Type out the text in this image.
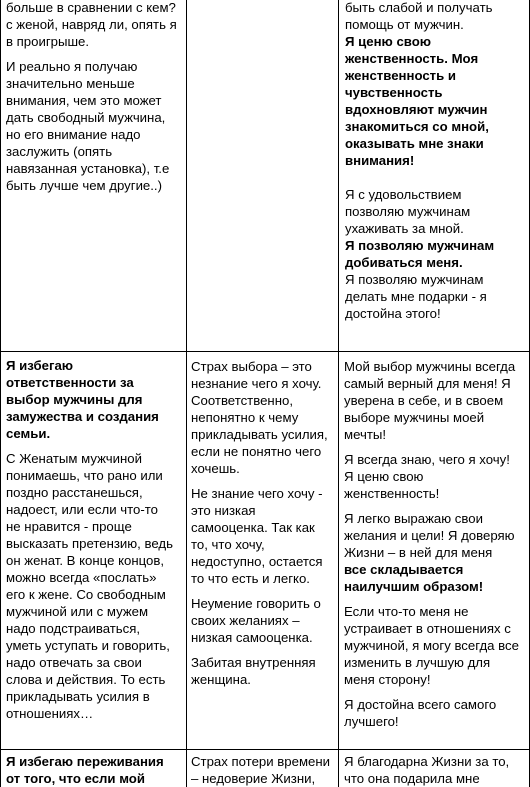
больше в сравнении с кем?
с женой, навряд ли, опять я
в проигрыше.

И реально я получаю
значительно меньше
внимания, чем это может
дать свободный мужчина,
но его внимание надо
заслужить (опять
навязанная установка), т.е
быть лучше чем другие..)

быть слабой и получать
помощь от мужчин.
Я ценю свою
женственность. Моя
женственность и
чувственность
вдохновляют мужчин
знакомиться со мной,
оказывать мне знаки
внимания!
Я с удовольствием
позволяю мужчинам
ухаживать за мной.
Я позволяю мужчинам
добиваться меня.
Я позволяю мужчинам
делать мне подарки - я
достойна этого!

Я избегаю
ответственности за
выбор мужчины для
замужества и создания
семьи.

С Женатым мужчиной
понимаешь, что рано или
поздно расстанешься,
надоест, или если что-то
не нравится - проще
высказать претензию, ведь
он женат. В конце концов,
можно всегда «послать»
его к жене. Со свободным
мужчиной или с мужем
надо подстраиваться,
уметь уступать и говорить,
надо отвечать за свои
слова и действия. То есть
прикладывать усилия в
отношениях…

Страх выбора – это
незнание чего я хочу.
Соответственно,
непонятно к чему
прикладывать усилия,
если не понятно чего
хочешь.

Не знание чего хочу -
это низкая
самооценка. Так как
то, что хочу,
недоступно, остается
то что есть и легко.

Неумение говорить о
своих желаниях –
низкая самооценка.

Забитая внутренняя
женщина.

Мой выбор мужчины всегда
самый верный для меня! Я
уверена в себе, и в своем
выборе мужчины моей
мечты!

Я всегда знаю, чего я хочу!
Я ценю свою
женственность!

Я легко выражаю свои
желания и цели! Я доверяю
Жизни – в ней для меня
все складывается
наилучшим образом!

Если что-то меня не
устраивает в отношениях с
мужчиной, я могу всегда все
изменить в лучшую для
меня сторону!

Я достойна всего самого
лучшего!

Я избегаю переживания
от того, что если мой
Страх потери времени
– недоверие Жизни,
Я благодарна Жизни за то,
что она подарила мне
